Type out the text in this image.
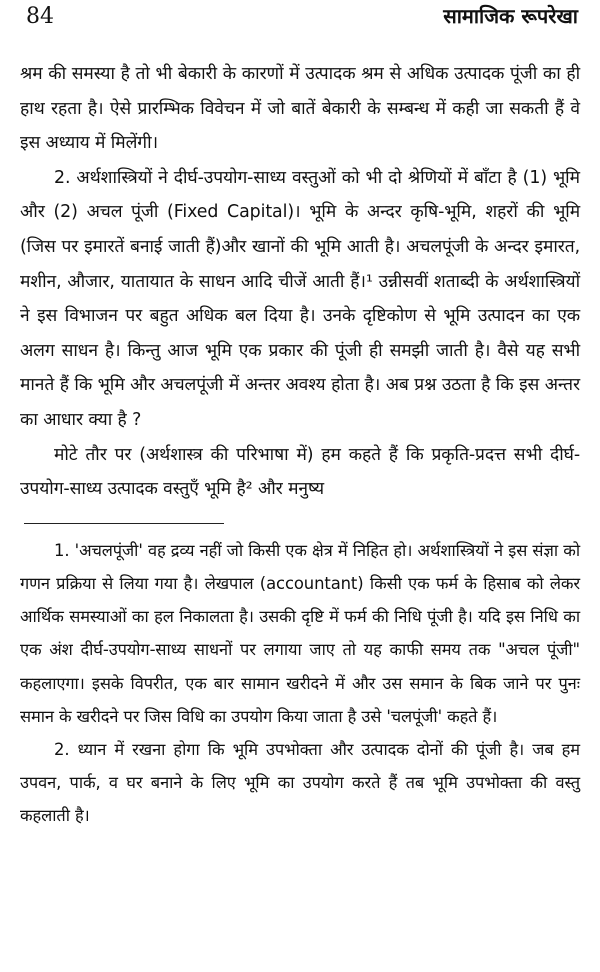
84	सामाजिक रूपरेखा

श्रम की समस्या है तो भी बेकारी के कारणों में उत्पादक श्रम से अधिक उत्पादक पूंजी का ही हाथ रहता है। ऐसे प्रारम्भिक विवेचन में जो बातें बेकारी के सम्बन्ध में कही जा सकती हैं वे इस अध्याय में मिलेंगी।

2. अर्थशास्त्रियों ने दीर्घ-उपयोग-साध्य वस्तुओं को भी दो श्रेणियों में बाँटा है (1) भूमि और (2) अचल पूंजी (Fixed Capital)। भूमि के अन्दर कृषि-भूमि, शहरों की भूमि (जिस पर इमारतें बनाई जाती हैं)और खानों की भूमि आती है। अचलपूंजी के अन्दर इमारत, मशीन, औजार, यातायात के साधन आदि चीजें आती हैं।¹ उन्नीसवीं शताब्दी के अर्थशास्त्रियों ने इस विभाजन पर बहुत अधिक बल दिया है। उनके दृष्टिकोण से भूमि उत्पादन का एक अलग साधन है। किन्तु आज भूमि एक प्रकार की पूंजी ही समझी जाती है। वैसे यह सभी मानते हैं कि भूमि और अचलपूंजी में अन्तर अवश्य होता है। अब प्रश्न उठता है कि इस अन्तर का आधार क्या है ?

मोटे तौर पर (अर्थशास्त्र की परिभाषा में) हम कहते हैं कि प्रकृति-प्रदत्त सभी दीर्घ-उपयोग-साध्य उत्पादक वस्तुएँ भूमि है² और मनुष्य

1. 'अचलपूंजी' वह द्रव्य नहीं जो किसी एक क्षेत्र में निहित हो। अर्थशास्त्रियों ने इस संज्ञा को गणन प्रक्रिया से लिया गया है। लेखपाल (accountant) किसी एक फर्म के हिसाब को लेकर आर्थिक समस्याओं का हल निकालता है। उसकी दृष्टि में फर्म की निधि पूंजी है। यदि इस निधि का एक अंश दीर्घ-उपयोग-साध्य साधनों पर लगाया जाए तो यह काफी समय तक "अचल पूंजी" कहलाएगा। इसके विपरीत, एक बार सामान खरीदने में और उस समान के बिक जाने पर पुनः समान के खरीदने पर जिस विधि का उपयोग किया जाता है उसे 'चलपूंजी' कहते हैं।

2. ध्यान में रखना होगा कि भूमि उपभोक्ता और उत्पादक दोनों की पूंजी है। जब हम उपवन, पार्क, व घर बनाने के लिए भूमि का उपयोग करते हैं तब भूमि उपभोक्ता की वस्तु कहलाती है।
